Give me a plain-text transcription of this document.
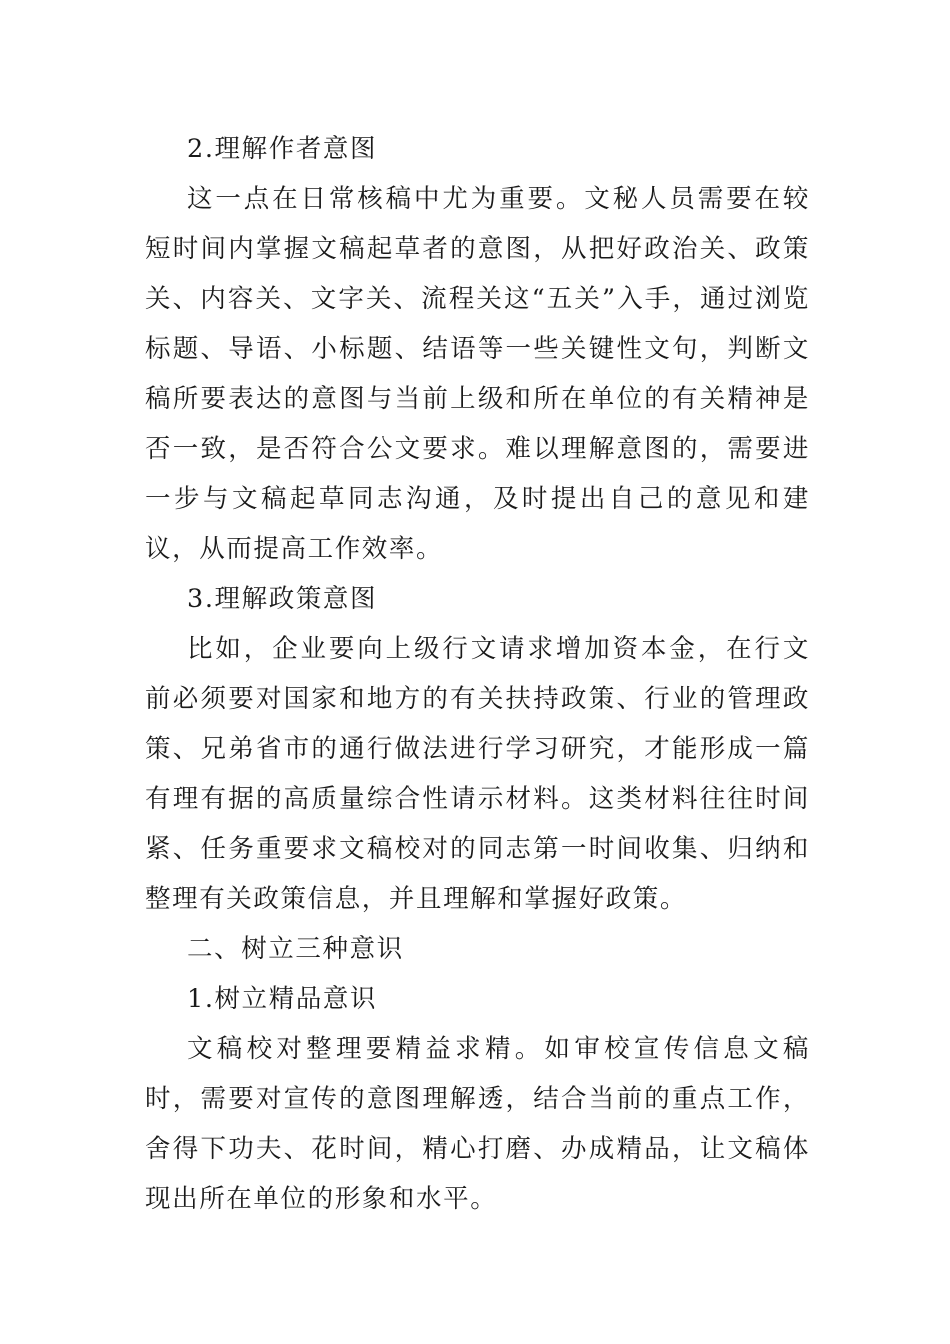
2.理解作者意图

这一点在日常核稿中尤为重要。文秘人员需要在较短时间内掌握文稿起草者的意图，从把好政治关、政策关、内容关、文字关、流程关这“五关”入手，通过浏览标题、导语、小标题、结语等一些关键性文句，判断文稿所要表达的意图与当前上级和所在单位的有关精神是否一致，是否符合公文要求。难以理解意图的，需要进一步与文稿起草同志沟通，及时提出自己的意见和建议，从而提高工作效率。

3.理解政策意图

比如，企业要向上级行文请求增加资本金，在行文前必须要对国家和地方的有关扶持政策、行业的管理政策、兄弟省市的通行做法进行学习研究，才能形成一篇有理有据的高质量综合性请示材料。这类材料往往时间紧、任务重要求文稿校对的同志第一时间收集、归纳和整理有关政策信息，并且理解和掌握好政策。

二、树立三种意识

1.树立精品意识

文稿校对整理要精益求精。如审校宣传信息文稿时，需要对宣传的意图理解透，结合当前的重点工作，舍得下功夫、花时间，精心打磨、办成精品，让文稿体现出所在单位的形象和水平。
